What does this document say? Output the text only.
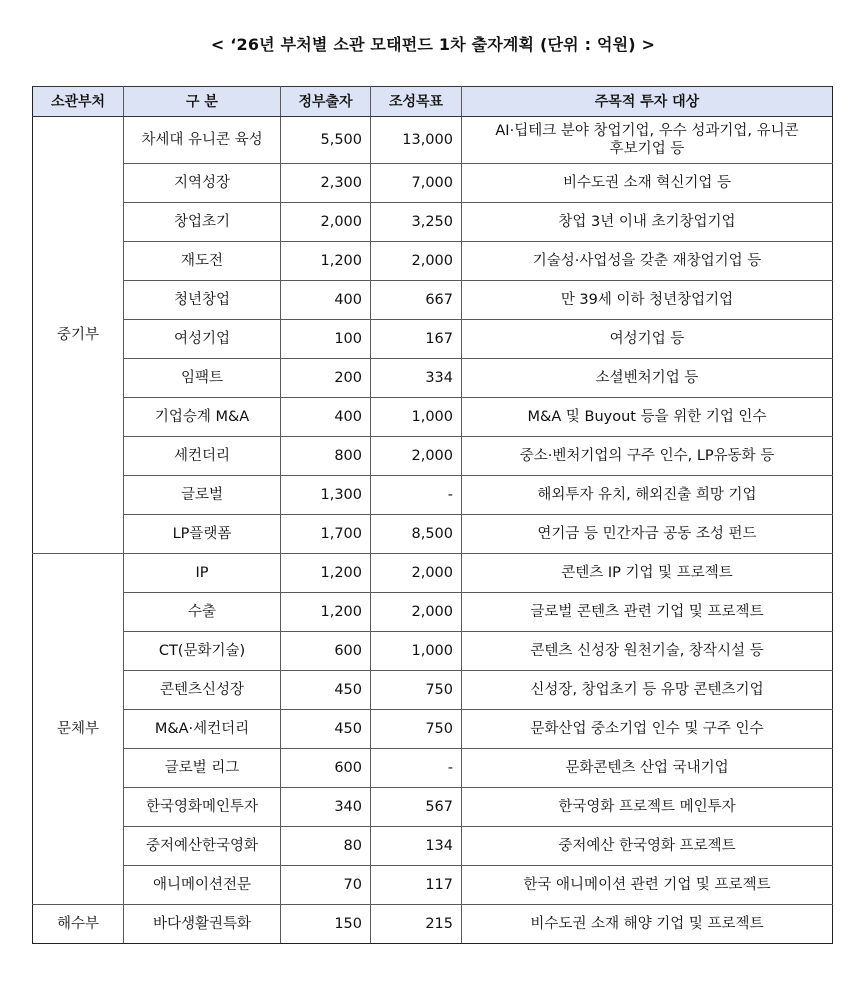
< ‘26년 부처별 소관 모태펀드 1차 출자계획 (단위 : 억원) >
소관부처	구 분	정부출자	조성목표	주목적 투자 대상
중기부	차세대 유니콘 육성	5,500	13,000	AI·딥테크 분야 창업기업, 우수 성과기업, 유니콘 후보기업 등
	지역성장	2,300	7,000	비수도권 소재 혁신기업 등
	창업초기	2,000	3,250	창업 3년 이내 초기창업기업
	재도전	1,200	2,000	기술성·사업성을 갖춘 재창업기업 등
	청년창업	400	667	만 39세 이하 청년창업기업
	여성기업	100	167	여성기업 등
	임팩트	200	334	소셜벤처기업 등
	기업승계 M&A	400	1,000	M&A 및 Buyout 등을 위한 기업 인수
	세컨더리	800	2,000	중소·벤처기업의 구주 인수, LP유동화 등
	글로벌	1,300	-	해외투자 유치, 해외진출 희망 기업
	LP플랫폼	1,700	8,500	연기금 등 민간자금 공동 조성 펀드
문체부	IP	1,200	2,000	콘텐츠 IP 기업 및 프로젝트
	수출	1,200	2,000	글로벌 콘텐츠 관련 기업 및 프로젝트
	CT(문화기술)	600	1,000	콘텐츠 신성장 원천기술, 창작시설 등
	콘텐츠신성장	450	750	신성장, 창업초기 등 유망 콘텐츠기업
	M&A·세컨더리	450	750	문화산업 중소기업 인수 및 구주 인수
	글로벌 리그	600	-	문화콘텐츠 산업 국내기업
	한국영화메인투자	340	567	한국영화 프로젝트 메인투자
	중저예산한국영화	80	134	중저예산 한국영화 프로젝트
	애니메이션전문	70	117	한국 애니메이션 관련 기업 및 프로젝트
해수부	바다생활권특화	150	215	비수도권 소재 해양 기업 및 프로젝트
